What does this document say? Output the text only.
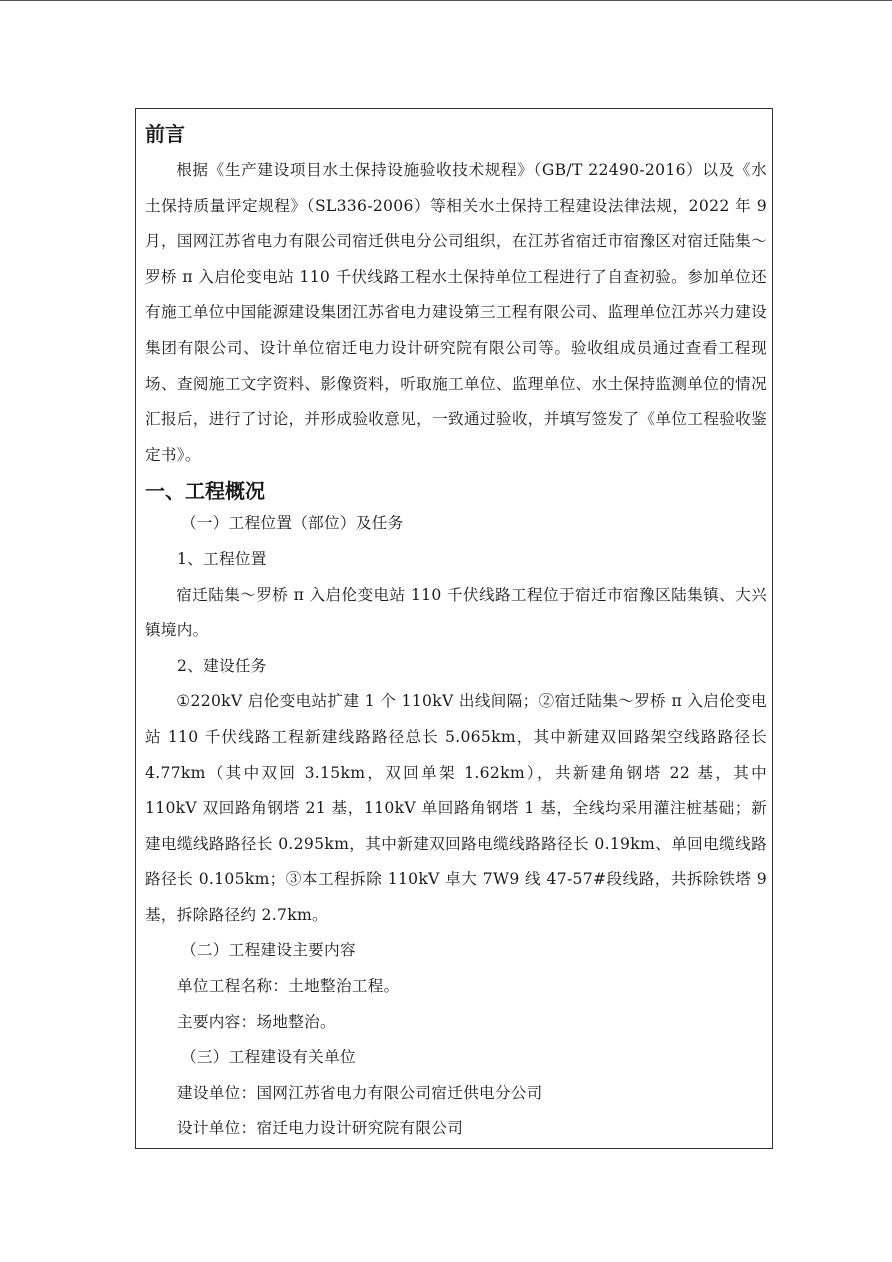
前言

根据《生产建设项目水土保持设施验收技术规程》（GB/T 22490-2016）以及《水土保持质量评定规程》（SL336-2006）等相关水土保持工程建设法律法规，2022 年 9 月，国网江苏省电力有限公司宿迁供电分公司组织，在江苏省宿迁市宿豫区对宿迁陆集～罗桥 π 入启伦变电站 110 千伏线路工程水土保持单位工程进行了自查初验。参加单位还有施工单位中国能源建设集团江苏省电力建设第三工程有限公司、监理单位江苏兴力建设集团有限公司、设计单位宿迁电力设计研究院有限公司等。验收组成员通过查看工程现场、查阅施工文字资料、影像资料，听取施工单位、监理单位、水土保持监测单位的情况汇报后，进行了讨论，并形成验收意见，一致通过验收，并填写签发了《单位工程验收鉴定书》。

一、工程概况

（一）工程位置（部位）及任务

1、工程位置

宿迁陆集～罗桥 π 入启伦变电站 110 千伏线路工程位于宿迁市宿豫区陆集镇、大兴镇境内。

2、建设任务

①220kV 启伦变电站扩建 1 个 110kV 出线间隔；②宿迁陆集～罗桥 π 入启伦变电站 110 千伏线路工程新建线路路径总长 5.065km，其中新建双回路架空线路路径长 4.77km（其中双回 3.15km，双回单架 1.62km），共新建角钢塔 22 基，其中 110kV 双回路角钢塔 21 基，110kV 单回路角钢塔 1 基，全线均采用灌注桩基础；新建电缆线路路径长 0.295km，其中新建双回路电缆线路路径长 0.19km、单回电缆线路路径长 0.105km；③本工程拆除 110kV 卓大 7W9 线 47-57#段线路，共拆除铁塔 9 基，拆除路径约 2.7km。

（二）工程建设主要内容

单位工程名称：土地整治工程。

主要内容：场地整治。

（三）工程建设有关单位

建设单位：国网江苏省电力有限公司宿迁供电分公司

设计单位：宿迁电力设计研究院有限公司
